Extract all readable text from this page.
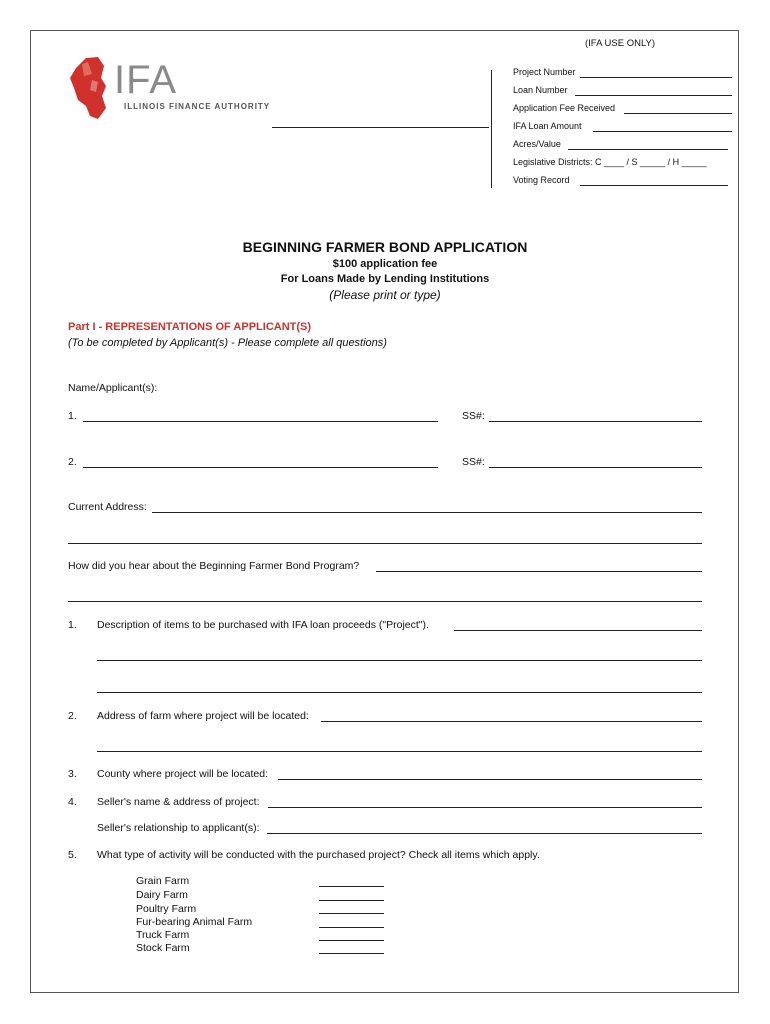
(IFA USE ONLY)
IFA
ILLINOIS FINANCE AUTHORITY
Project Number
Loan Number
Application Fee Received
IFA Loan Amount
Acres/Value
Legislative Districts: C ____ / S _____ / H _____
Voting Record
BEGINNING FARMER BOND APPLICATION
$100 application fee
For Loans Made by Lending Institutions
(Please print or type)
Part I - REPRESENTATIONS OF APPLICANT(S)
(To be completed by Applicant(s) - Please complete all questions)
Name/Applicant(s):
1.	SS#:
2.	SS#:
Current Address:
How did you hear about the Beginning Farmer Bond Program?
1. Description of items to be purchased with IFA loan proceeds ("Project").
2. Address of farm where project will be located:
3. County where project will be located:
4. Seller's name & address of project:
Seller's relationship to applicant(s):
5. What type of activity will be conducted with the purchased project? Check all items which apply.
Grain Farm
Dairy Farm
Poultry Farm
Fur-bearing Animal Farm
Truck Farm
Stock Farm
